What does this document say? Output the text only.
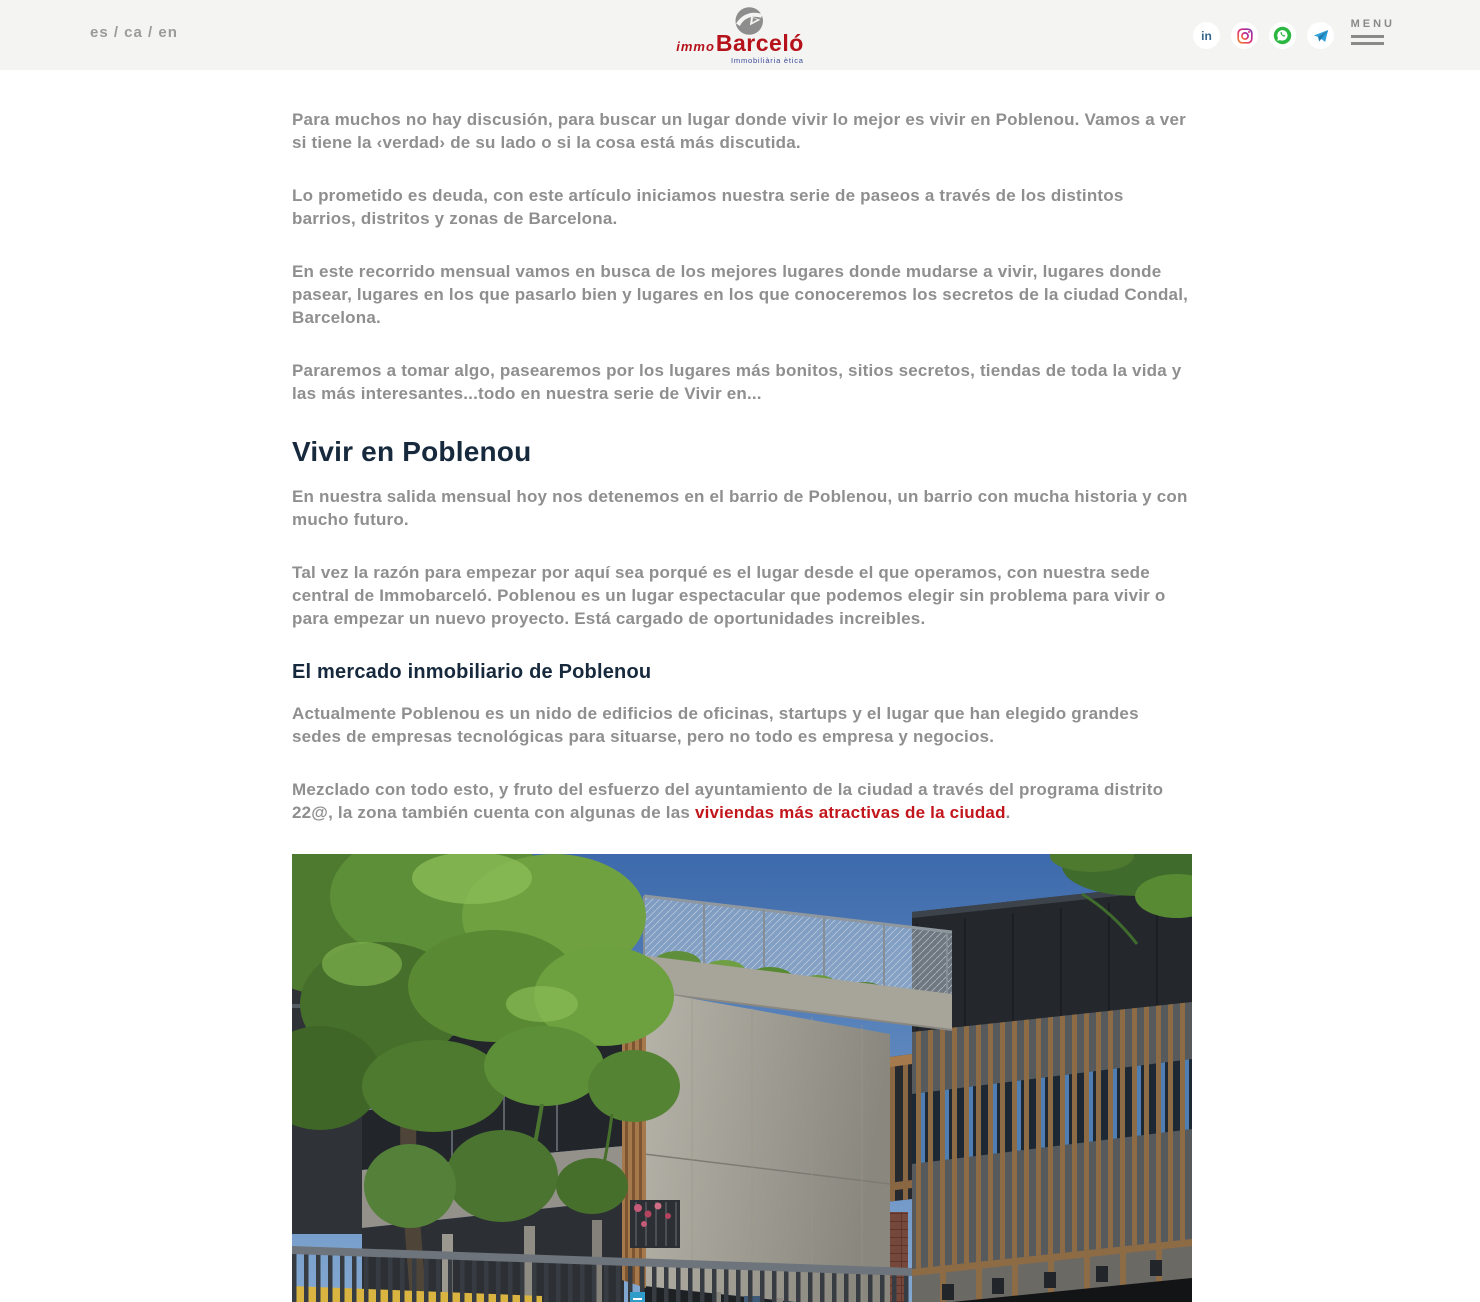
es / ca / en
immo Barceló
Immobiliària ètica
in
MENU

Para muchos no hay discusión, para buscar un lugar donde vivir lo mejor es vivir en Poblenou. Vamos a ver si tiene la ‹verdad› de su lado o si la cosa está más discutida.

Lo prometido es deuda, con este artículo iniciamos nuestra serie de paseos a través de los distintos barrios, distritos y zonas de Barcelona.

En este recorrido mensual vamos en busca de los mejores lugares donde mudarse a vivir, lugares donde pasear, lugares en los que pasarlo bien y lugares en los que conoceremos los secretos de la ciudad Condal, Barcelona.

Pararemos a tomar algo, pasearemos por los lugares más bonitos, sitios secretos, tiendas de toda la vida y las más interesantes...todo en nuestra serie de Vivir en...

Vivir en Poblenou

En nuestra salida mensual hoy nos detenemos en el barrio de Poblenou, un barrio con mucha historia y con mucho futuro.

Tal vez la razón para empezar por aquí sea porqué es el lugar desde el que operamos, con nuestra sede central de Immobarceló. Poblenou es un lugar espectacular que podemos elegir sin problema para vivir o para empezar un nuevo proyecto. Está cargado de oportunidades increibles.

El mercado inmobiliario de Poblenou

Actualmente Poblenou es un nido de edificios de oficinas, startups y el lugar que han elegido grandes sedes de empresas tecnológicas para situarse, pero no todo es empresa y negocios.

Mezclado con todo esto, y fruto del esfuerzo del ayuntamiento de la ciudad a través del programa distrito 22@, la zona también cuenta con algunas de las viviendas más atractivas de la ciudad.
